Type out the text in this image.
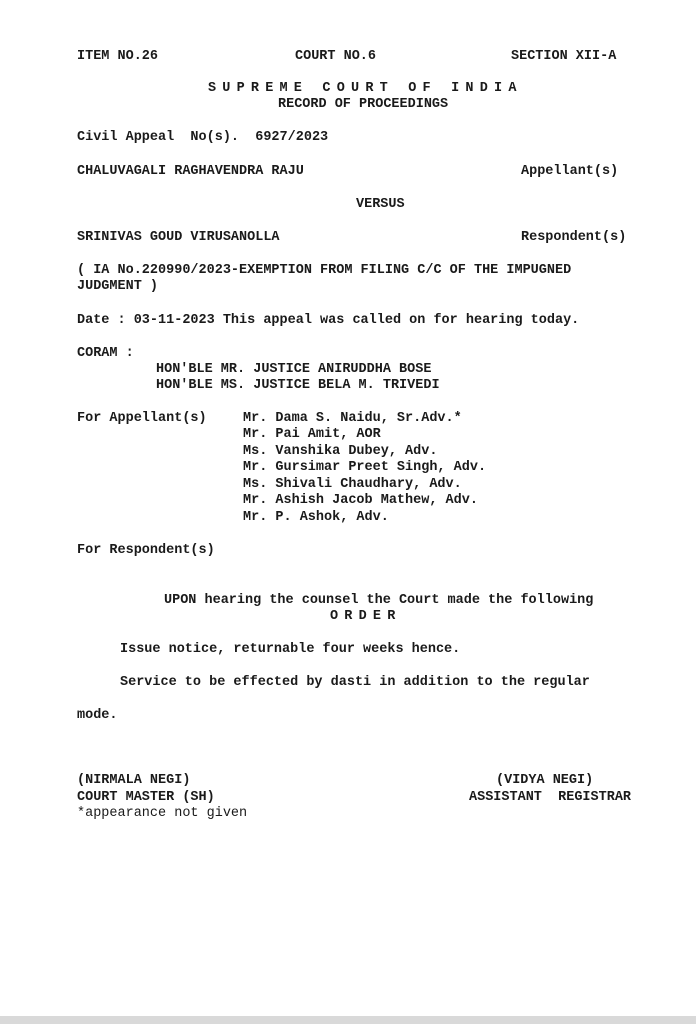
ITEM NO.26	COURT NO.6	SECTION XII-A
SUPREME COURT OF INDIA
RECORD OF PROCEEDINGS
Civil Appeal  No(s).  6927/2023
CHALUVAGALI RAGHAVENDRA RAJU	Appellant(s)
VERSUS
SRINIVAS GOUD VIRUSANOLLA	Respondent(s)
( IA No.220990/2023-EXEMPTION FROM FILING C/C OF THE IMPUGNED
JUDGMENT )
Date : 03-11-2023 This appeal was called on for hearing today.
CORAM :
HON'BLE MR. JUSTICE ANIRUDDHA BOSE
HON'BLE MS. JUSTICE BELA M. TRIVEDI
For Appellant(s)	Mr. Dama S. Naidu, Sr.Adv.*
Mr. Pai Amit, AOR
Ms. Vanshika Dubey, Adv.
Mr. Gursimar Preet Singh, Adv.
Ms. Shivali Chaudhary, Adv.
Mr. Ashish Jacob Mathew, Adv.
Mr. P. Ashok, Adv.
For Respondent(s)
UPON hearing the counsel the Court made the following
ORDER
Issue notice, returnable four weeks hence.
Service to be effected by dasti in addition to the regular
mode.
(NIRMALA NEGI)
COURT MASTER (SH)
*appearance not given
(VIDYA NEGI)
ASSISTANT  REGISTRAR
